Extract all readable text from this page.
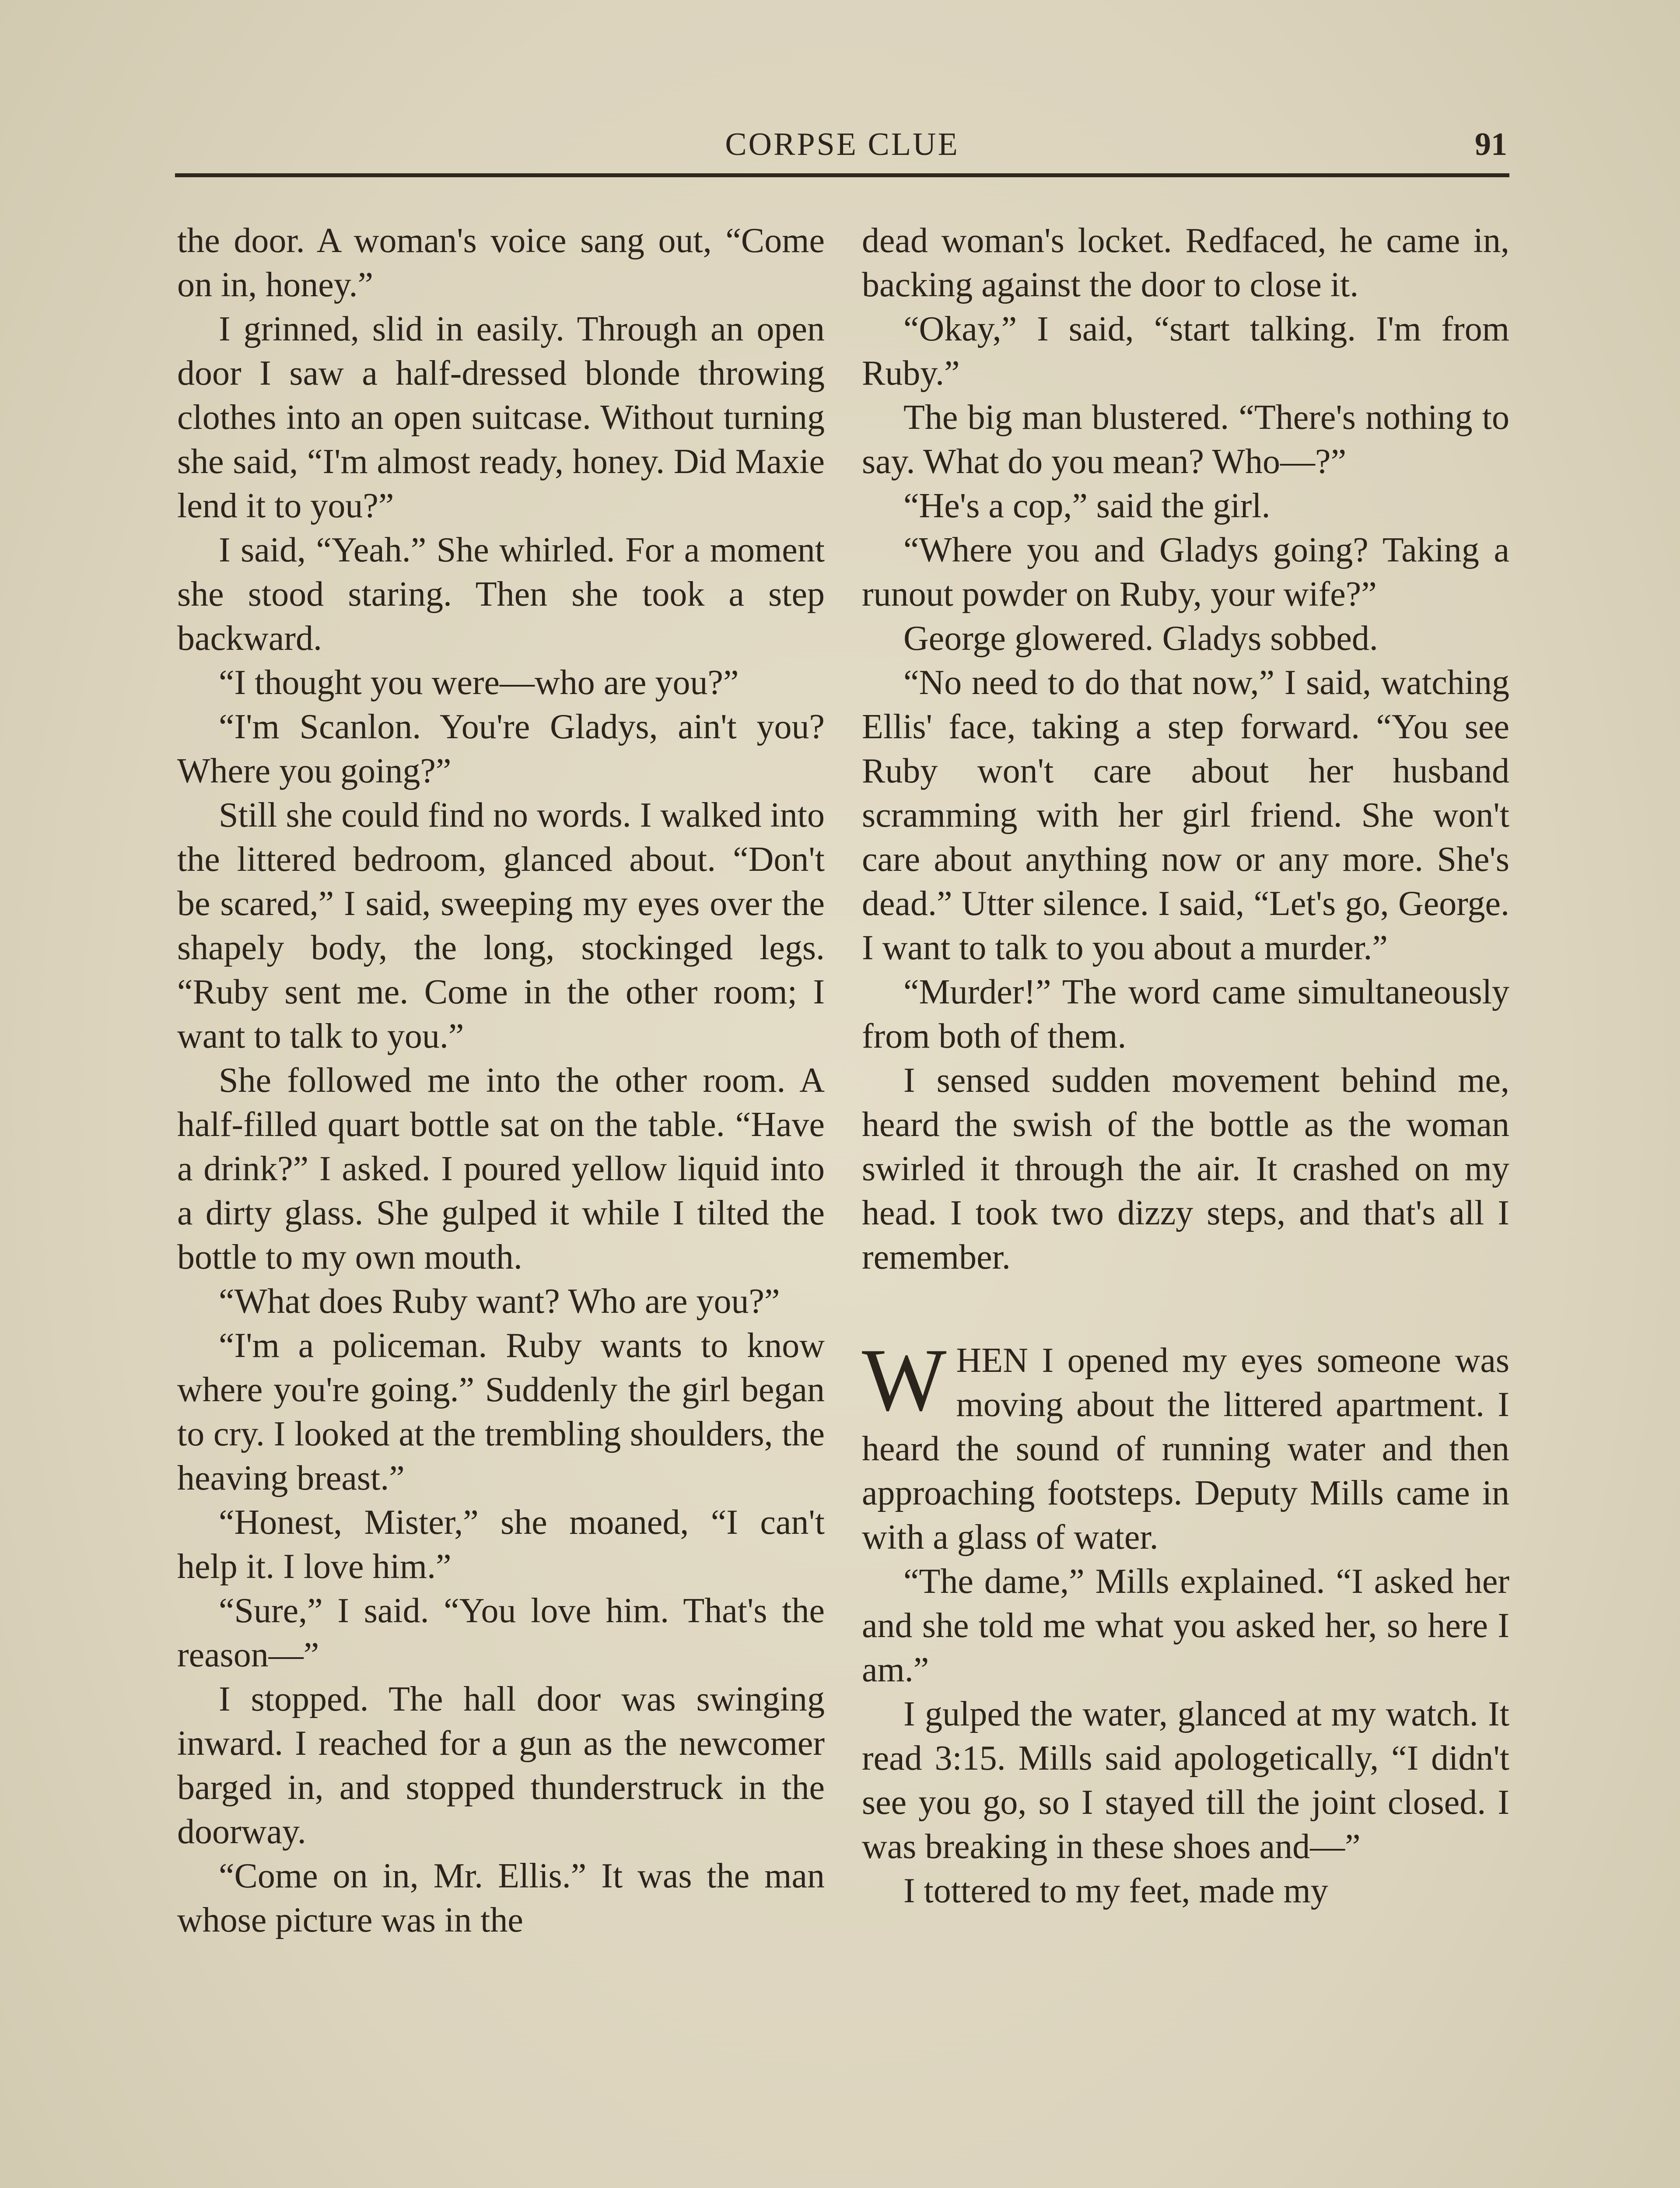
CORPSE CLUE	91

the door. A woman's voice sang out, “Come on in, honey.”

I grinned, slid in easily. Through an open door I saw a half-dressed blonde throwing clothes into an open suitcase. Without turning she said, “I'm almost ready, honey. Did Maxie lend it to you?”

I said, “Yeah.” She whirled. For a moment she stood staring. Then she took a step backward.

“I thought you were—who are you?”

“I'm Scanlon. You're Gladys, ain't you? Where you going?”

Still she could find no words. I walked into the littered bedroom, glanced about. “Don't be scared,” I said, sweeping my eyes over the shapely body, the long, stockinged legs. “Ruby sent me. Come in the other room; I want to talk to you.”

She followed me into the other room. A half-filled quart bottle sat on the table. “Have a drink?” I asked. I poured yellow liquid into a dirty glass. She gulped it while I tilted the bottle to my own mouth.

“What does Ruby want? Who are you?”

“I'm a policeman. Ruby wants to know where you're going.” Suddenly the girl began to cry. I looked at the trembling shoulders, the heaving breast.”

“Honest, Mister,” she moaned, “I can't help it. I love him.”

“Sure,” I said. “You love him. That's the reason—”

I stopped. The hall door was swinging inward. I reached for a gun as the newcomer barged in, and stopped thunderstruck in the doorway.

“Come on in, Mr. Ellis.” It was the man whose picture was in the

dead woman's locket. Redfaced, he came in, backing against the door to close it.

“Okay,” I said, “start talking. I'm from Ruby.”

The big man blustered. “There's nothing to say. What do you mean? Who—?”

“He's a cop,” said the girl.

“Where you and Gladys going? Taking a runout powder on Ruby, your wife?”

George glowered. Gladys sobbed.

“No need to do that now,” I said, watching Ellis' face, taking a step forward. “You see Ruby won't care about her husband scramming with her girl friend. She won't care about anything now or any more. She's dead.” Utter silence. I said, “Let's go, George. I want to talk to you about a murder.”

“Murder!” The word came simultaneously from both of them.

I sensed sudden movement behind me, heard the swish of the bottle as the woman swirled it through the air. It crashed on my head. I took two dizzy steps, and that's all I remember.

WHEN I opened my eyes someone was moving about the littered apartment. I heard the sound of running water and then approaching footsteps. Deputy Mills came in with a glass of water.

“The dame,” Mills explained. “I asked her and she told me what you asked her, so here I am.”

I gulped the water, glanced at my watch. It read 3:15. Mills said apologetically, “I didn't see you go, so I stayed till the joint closed. I was breaking in these shoes and—”

I tottered to my feet, made my
